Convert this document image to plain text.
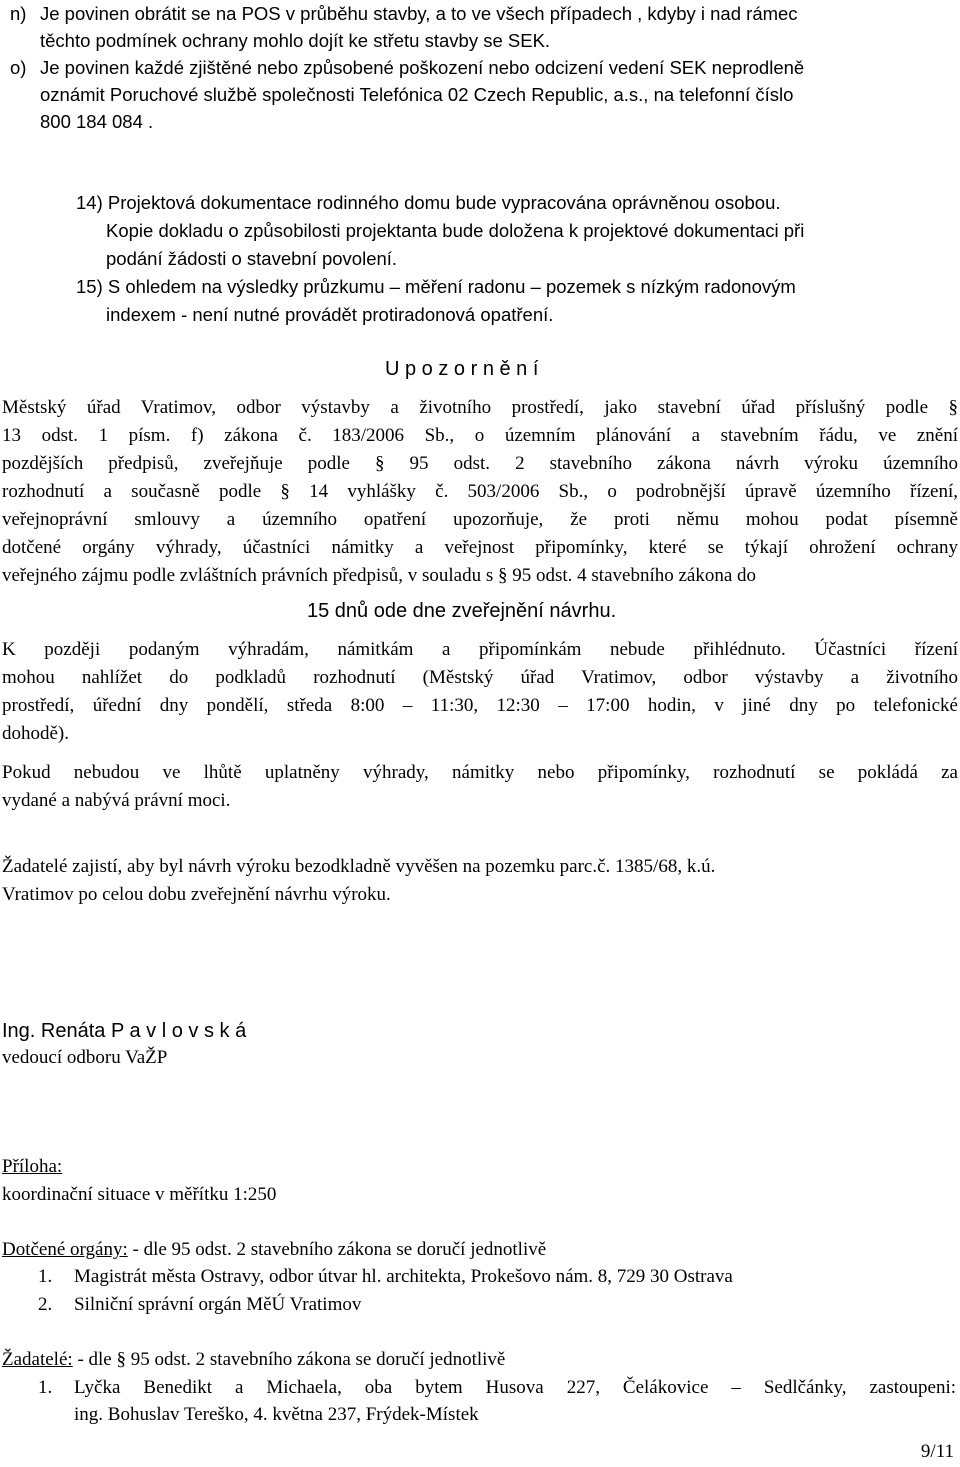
n) Je povinen obrátit se na POS v průběhu stavby, a to ve všech případech , kdyby i nad rámec
těchto podmínek ochrany mohlo dojít ke střetu stavby se SEK.
o) Je povinen každé zjištěné nebo způsobené poškození nebo odcizení vedení SEK neprodleně
oznámit Poruchové službě společnosti Telefónica 02 Czech Republic, a.s., na telefonní číslo
800 184 084 .
14) Projektová dokumentace rodinného domu bude vypracována oprávněnou osobou.
Kopie dokladu o způsobilosti projektanta bude doložena k projektové dokumentaci při
podání žádosti o stavební povolení.
15) S ohledem na výsledky průzkumu – měření radonu – pozemek s nízkým radonovým
indexem - není nutné provádět protiradonová opatření.
U p o z o r n ě n í
Městský úřad Vratimov, odbor výstavby a životního prostředí, jako stavební úřad příslušný podle §
13 odst. 1 písm. f) zákona č. 183/2006 Sb., o územním plánování a stavebním řádu, ve znění
pozdějších předpisů, zveřejňuje podle § 95 odst. 2 stavebního zákona návrh výroku územního
rozhodnutí a současně podle § 14 vyhlášky č. 503/2006 Sb., o podrobnější úpravě územního řízení,
veřejnoprávní smlouvy a územního opatření upozorňuje, že proti němu mohou podat písemně
dotčené orgány výhrady, účastníci námitky a veřejnost připomínky, které se týkají ohrožení ochrany
veřejného zájmu podle zvláštních právních předpisů, v souladu s § 95 odst. 4 stavebního zákona do
15 dnů ode dne zveřejnění návrhu.
K později podaným výhradám, námitkám a připomínkám nebude přihlédnuto. Účastníci řízení
mohou nahlížet do podkladů rozhodnutí (Městský úřad Vratimov, odbor výstavby a životního
prostředí, úřední dny pondělí, středa 8:00 – 11:30, 12:30 – 17:00 hodin, v jiné dny po telefonické
dohodě).
Pokud nebudou ve lhůtě uplatněny výhrady, námitky nebo připomínky, rozhodnutí se pokládá za
vydané a nabývá právní moci.
Žadatelé zajistí, aby byl návrh výroku bezodkladně vyvěšen na pozemku parc.č. 1385/68, k.ú.
Vratimov po celou dobu zveřejnění návrhu výroku.
Ing. Renáta P a v l o v s k á
vedoucí odboru VaŽP
Příloha:
koordinační situace v měřítku 1:250
Dotčené orgány: - dle 95 odst. 2 stavebního zákona se doručí jednotlivě
1. Magistrát města Ostravy, odbor útvar hl. architekta, Prokešovo nám. 8, 729 30 Ostrava
2. Silniční správní orgán MěÚ Vratimov
Žadatelé: - dle § 95 odst. 2 stavebního zákona se doručí jednotlivě
1. Lyčka Benedikt a Michaela, oba bytem Husova 227, Čelákovice – Sedlčánky, zastoupeni:
ing. Bohuslav Tereško, 4. května 237, Frýdek-Místek
9/11
